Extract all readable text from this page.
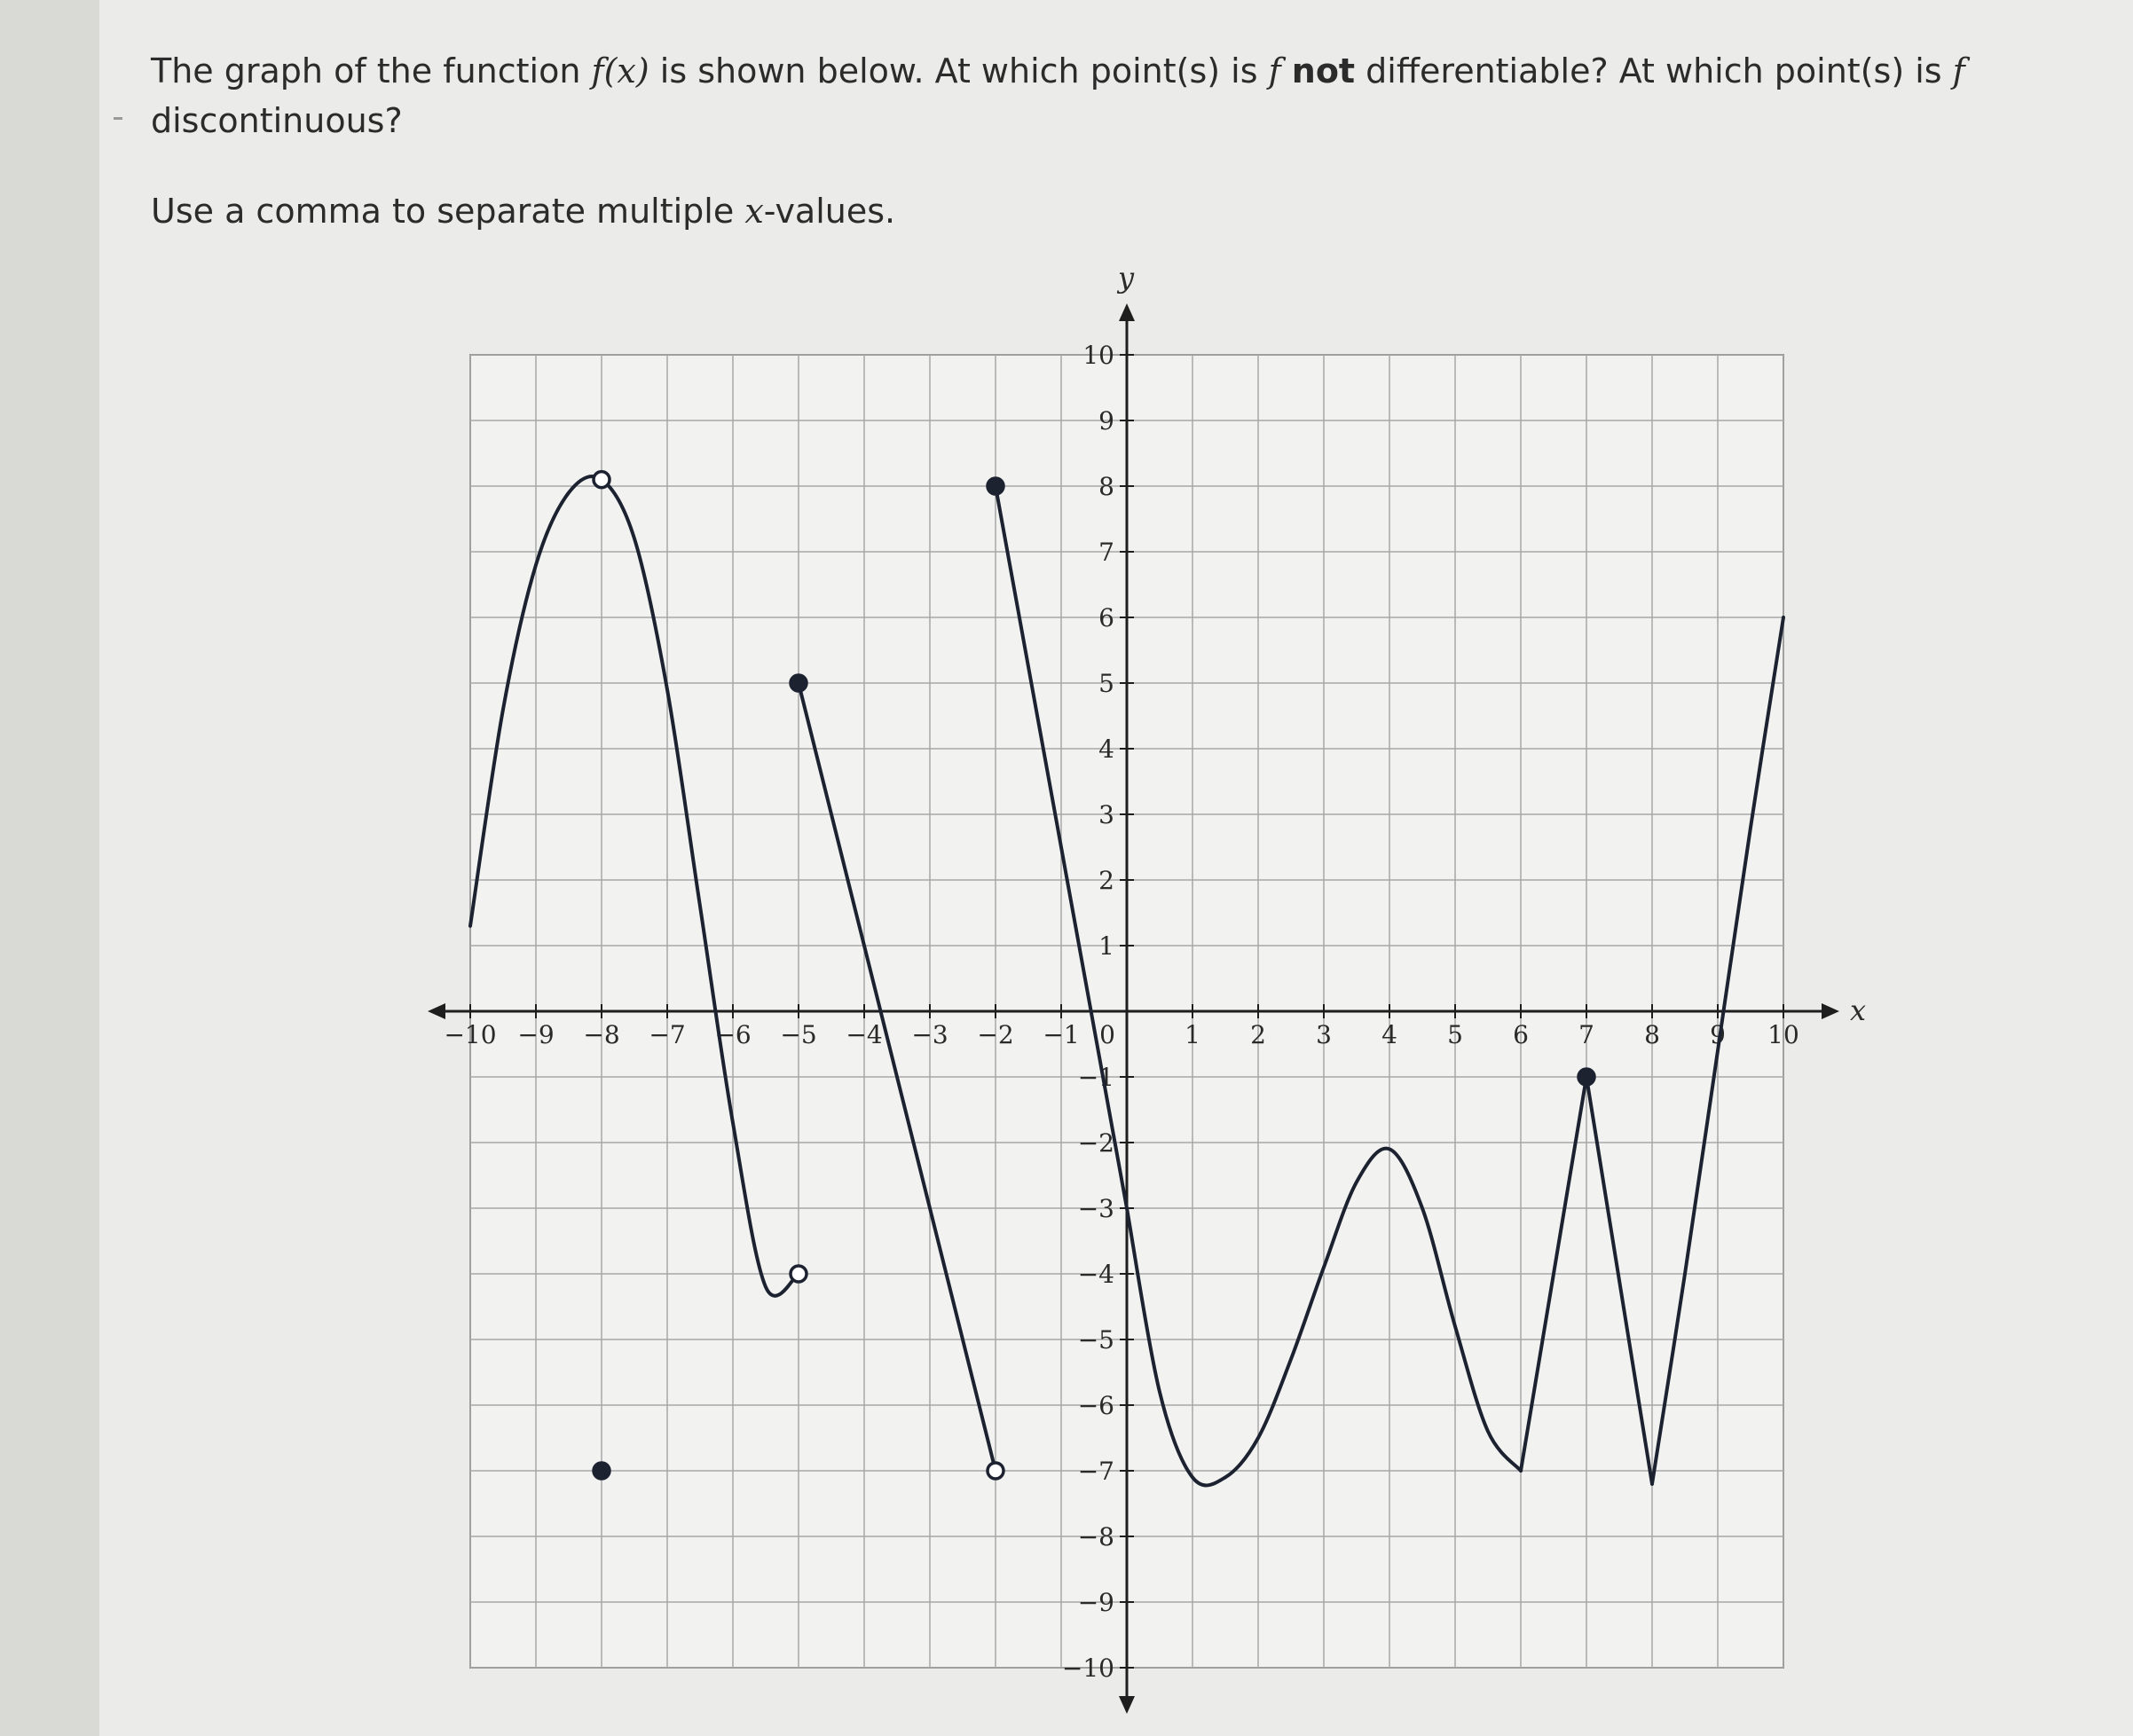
The graph of the function f(x) is shown below. At which point(s) is f not differentiable? At which point(s) is f discontinuous?
Use a comma to separate multiple x-values.
x
y
−10 −9 −8 −7 −6 −5 −4 −3 −2 −1 0	1 2 3 4 5 6 7 8 9 10
−10
−9
−8
−7
−6
−5
−4
−3
−2
−1
1
2
3
4
5
6
7
8
9
10
